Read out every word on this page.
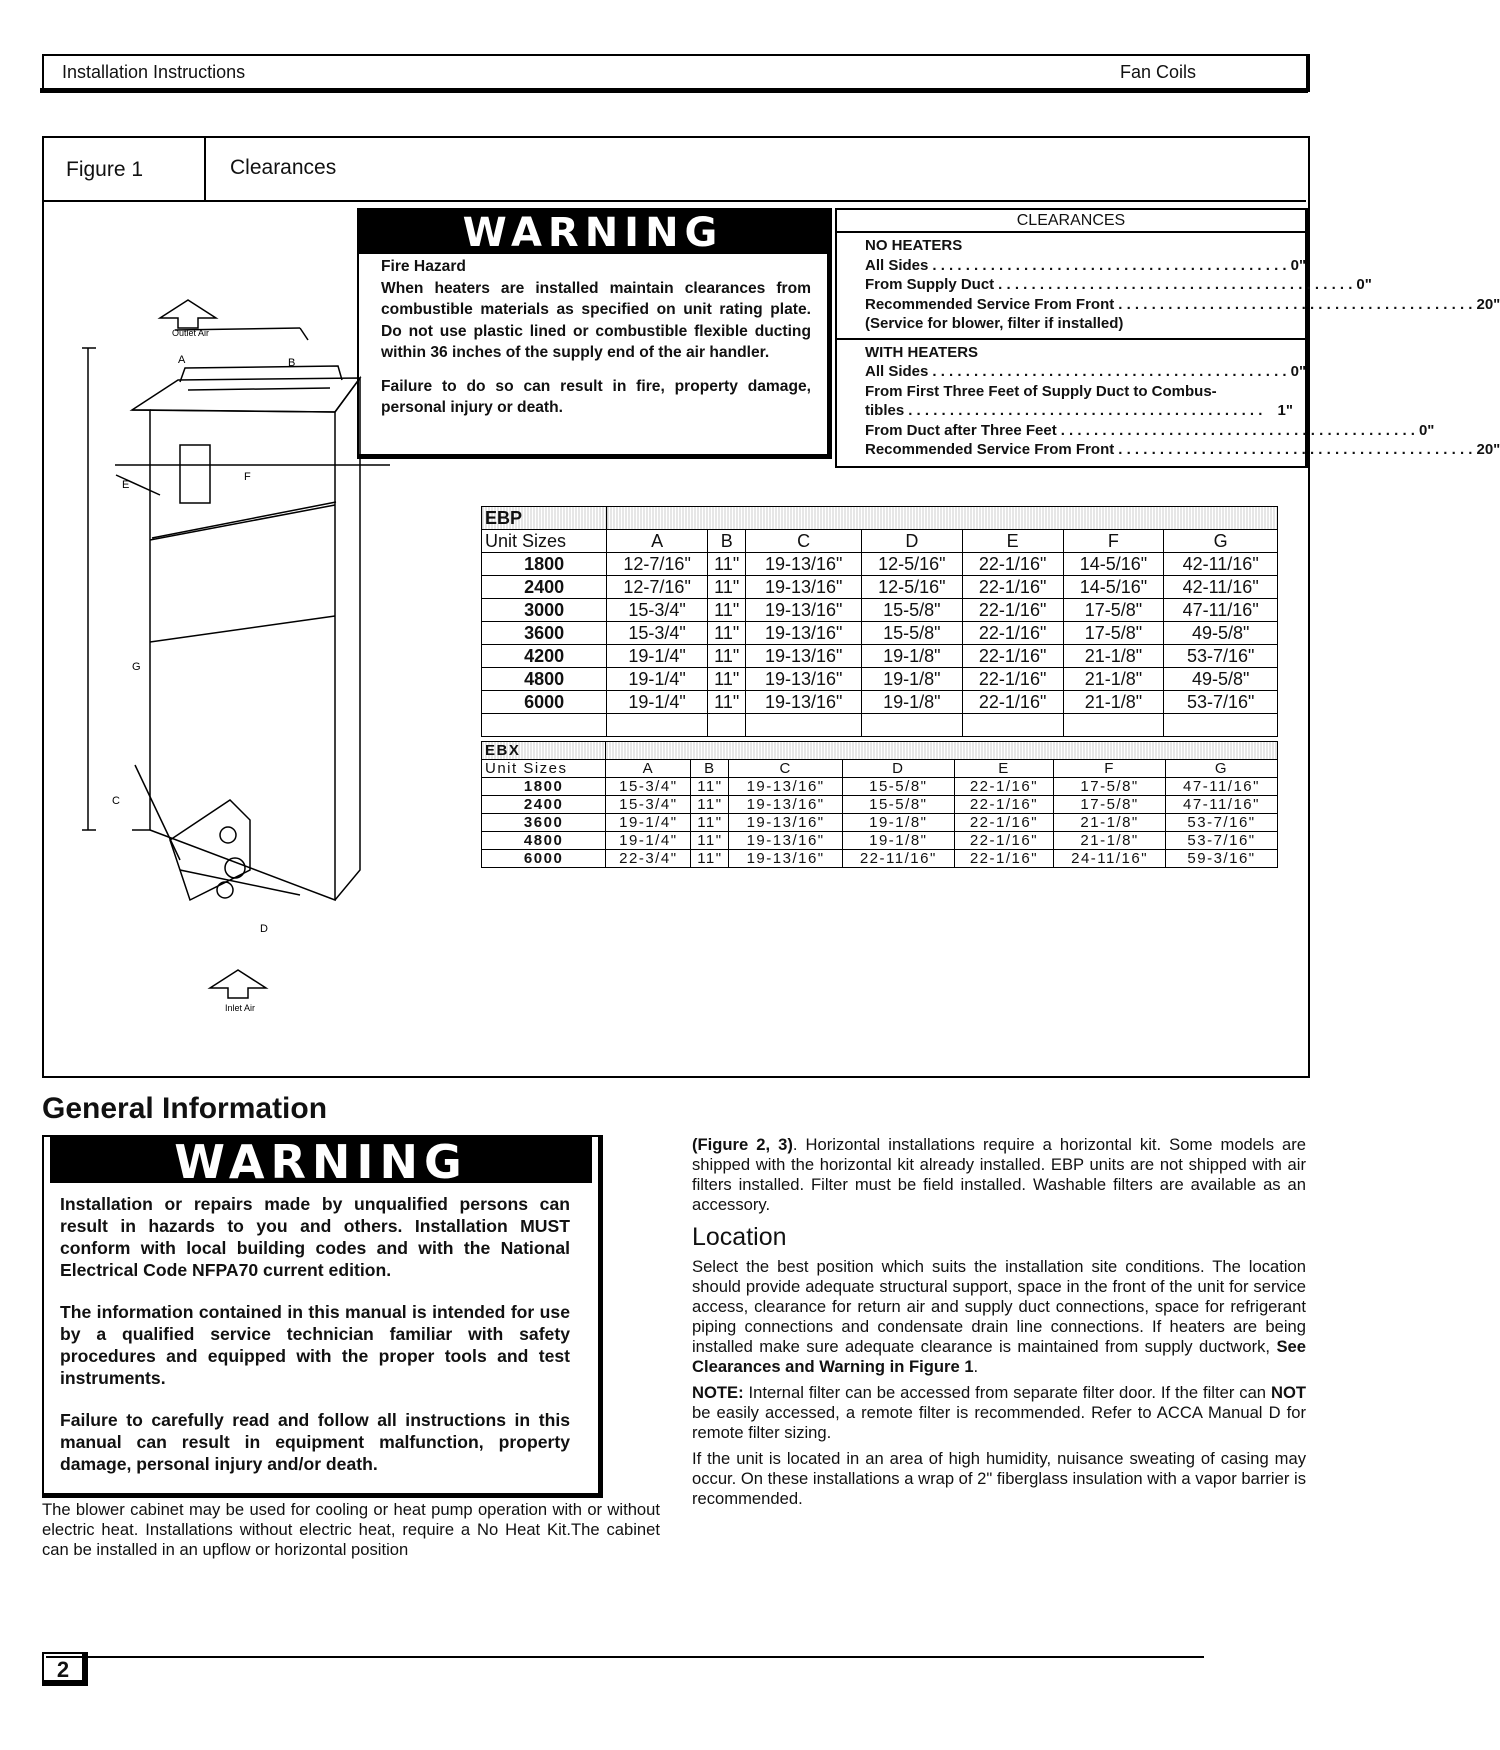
Installation Instructions	Fan Coils
Figure 1	Clearances
Outlet Air
A	B
G
E
F
C
D
Inlet Air
WARNING

Fire Hazard
When heaters are installed maintain clearances from combustible materials as specified on unit rating plate. Do not use plastic lined or combustible flexible ducting within 36 inches of the supply end of the air handler.

Failure to do so can result in fire, property damage, personal injury or death.

CLEARANCES
NO HEATERS
All Sides . . . . . . . . . . . . . . . . . . . . . . . . . . . . . . . . . . . . . . . . . . . 0"
From Supply Duct . . . . . . . . . . . . . . . . . . . . . . . . . . . . . . . . . . . . . . . . . . . 0"
Recommended Service From Front . . . . . . . . . . . . . . . . . . . . . . . . . . . . . . . . . . . . . . . . . . . 20"
(Service for blower, filter if installed)
WITH HEATERS
All Sides . . . . . . . . . . . . . . . . . . . . . . . . . . . . . . . . . . . . . . . . . . . 0"
From First Three Feet of Supply Duct to Combus-
tibles . . . . . . . . . . . . . . . . . . . . . . . . . . . . . . . . . . . . . . . . . . .	1"
From Duct after Three Feet . . . . . . . . . . . . . . . . . . . . . . . . . . . . . . . . . . . . . . . . . . . 0"
Recommended Service From Front . . . . . . . . . . . . . . . . . . . . . . . . . . . . . . . . . . . . . . . . . . . 20"
EBP							
Unit Sizes	A	B	C	D	E	F	G
1800	12-7/16"	11"	19-13/16"	12-5/16"	22-1/16"	14-5/16"	42-11/16"
2400	12-7/16"	11"	19-13/16"	12-5/16"	22-1/16"	14-5/16"	42-11/16"
3000	15-3/4"	11"	19-13/16"	15-5/8"	22-1/16"	17-5/8"	47-11/16"
3600	15-3/4"	11"	19-13/16"	15-5/8"	22-1/16"	17-5/8"	49-5/8"
4200	19-1/4"	11"	19-13/16"	19-1/8"	22-1/16"	21-1/8"	53-7/16"
4800	19-1/4"	11"	19-13/16"	19-1/8"	22-1/16"	21-1/8"	49-5/8"
6000	19-1/4"	11"	19-13/16"	19-1/8"	22-1/16"	21-1/8"	53-7/16"

EBX							
Unit Sizes	A	B	C	D	E	F	G
1800	15-3/4"	11"	19-13/16"	15-5/8"	22-1/16"	17-5/8"	47-11/16"
2400	15-3/4"	11"	19-13/16"	15-5/8"	22-1/16"	17-5/8"	47-11/16"
3600	19-1/4"	11"	19-13/16"	19-1/8"	22-1/16"	21-1/8"	53-7/16"
4800	19-1/4"	11"	19-13/16"	19-1/8"	22-1/16"	21-1/8"	53-7/16"
6000	22-3/4"	11"	19-13/16"	22-11/16"	22-1/16"	24-11/16"	59-3/16"
General Information
WARNING

Installation or repairs made by unqualified persons can result in hazards to you and others. Installation MUST conform with local building codes and with the National Electrical Code NFPA70 current edition.

The information contained in this manual is intended for use by a qualified service technician familiar with safety procedures and equipped with the proper tools and test instruments.

Failure to carefully read and follow all instructions in this manual can result in equipment malfunction, property damage, personal injury and/or death.

The blower cabinet may be used for cooling or heat pump operation with or without electric heat. Installations without electric heat, require a No Heat Kit.The cabinet can be installed in an upflow or horizontal position

(Figure 2, 3). Horizontal installations require a horizontal kit. Some models are shipped with the horizontal kit already installed. EBP units are not shipped with air filters installed. Filter must be field installed. Washable filters are available as an accessory.

Location

Select the best position which suits the installation site conditions. The location should provide adequate structural support, space in the front of the unit for service access, clearance for return air and supply duct connections, space for refrigerant piping connections and condensate drain line connections. If heaters are being installed make sure adequate clearance is maintained from supply ductwork, See Clearances and Warning in Figure 1.

NOTE: Internal filter can be accessed from separate filter door. If the filter can NOT be easily accessed, a remote filter is recommended. Refer to ACCA Manual D for remote filter sizing.

If the unit is located in an area of high humidity, nuisance sweating of casing may occur. On these installations a wrap of 2" fiberglass insulation with a vapor barrier is recommended.

2
